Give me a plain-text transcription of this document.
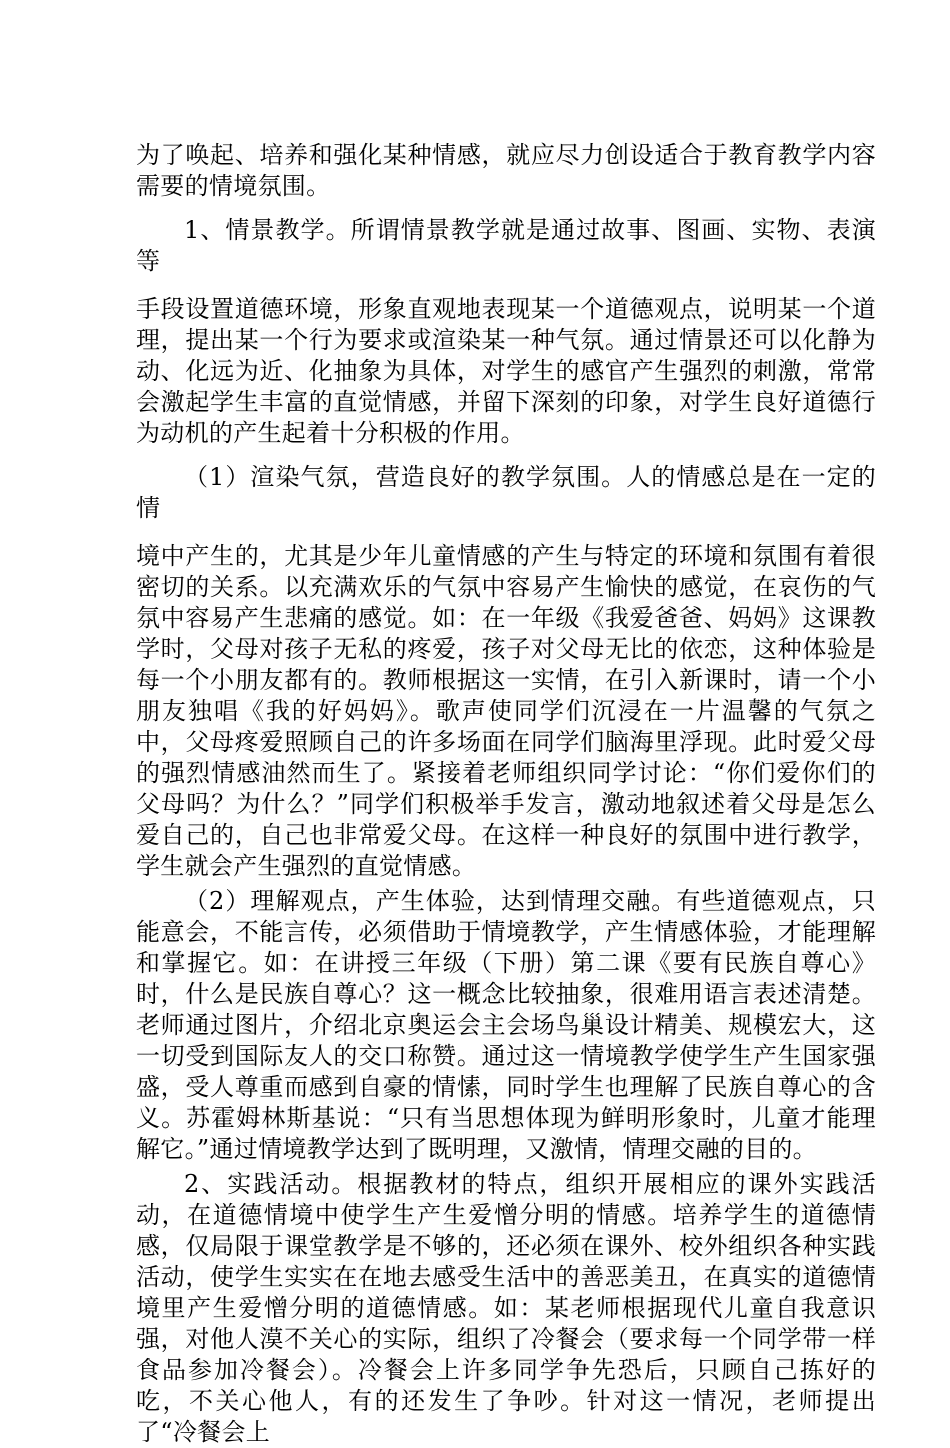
为了唤起、培养和强化某种情感，就应尽力创设适合于教育教学内容需要的情境氛围。

1、情景教学。所谓情景教学就是通过故事、图画、实物、表演等

手段设置道德环境，形象直观地表现某一个道德观点，说明某一个道理，提出某一个行为要求或渲染某一种气氛。通过情景还可以化静为动、化远为近、化抽象为具体，对学生的感官产生强烈的刺激，常常会激起学生丰富的直觉情感，并留下深刻的印象，对学生良好道德行为动机的产生起着十分积极的作用。

（1）渲染气氛，营造良好的教学氛围。人的情感总是在一定的情

境中产生的，尤其是少年儿童情感的产生与特定的环境和氛围有着很密切的关系。以充满欢乐的气氛中容易产生愉快的感觉，在哀伤的气氛中容易产生悲痛的感觉。如：在一年级《我爱爸爸、妈妈》这课教学时，父母对孩子无私的疼爱，孩子对父母无比的依恋，这种体验是每一个小朋友都有的。教师根据这一实情，在引入新课时，请一个小朋友独唱《我的好妈妈》。歌声使同学们沉浸在一片温馨的气氛之中，父母疼爱照顾自己的许多场面在同学们脑海里浮现。此时爱父母的强烈情感油然而生了。紧接着老师组织同学讨论：“你们爱你们的父母吗？为什么？”同学们积极举手发言，激动地叙述着父母是怎么爱自己的，自己也非常爱父母。在这样一种良好的氛围中进行教学，学生就会产生强烈的直觉情感。

（2）理解观点，产生体验，达到情理交融。有些道德观点，只能意会，不能言传，必须借助于情境教学，产生情感体验，才能理解和掌握它。如：在讲授三年级（下册）第二课《要有民族自尊心》时，什么是民族自尊心？这一概念比较抽象，很难用语言表述清楚。老师通过图片，介绍北京奥运会主会场鸟巢设计精美、规模宏大，这一切受到国际友人的交口称赞。通过这一情境教学使学生产生国家强盛，受人尊重而感到自豪的情愫，同时学生也理解了民族自尊心的含义。苏霍姆林斯基说：“只有当思想体现为鲜明形象时，儿童才能理解它。”通过情境教学达到了既明理，又激情，情理交融的目的。

2、实践活动。根据教材的特点，组织开展相应的课外实践活动，在道德情境中使学生产生爱憎分明的情感。培养学生的道德情感，仅局限于课堂教学是不够的，还必须在课外、校外组织各种实践活动，使学生实实在在地去感受生活中的善恶美丑，在真实的道德情境里产生爱憎分明的道德情感。如：某老师根据现代儿童自我意识强，对他人漠不关心的实际，组织了冷餐会（要求每一个同学带一样食品参加冷餐会）。冷餐会上许多同学争先恐后，只顾自己拣好的吃，不关心他人，有的还发生了争吵。针对这一情况，老师提出了“冷餐会上
